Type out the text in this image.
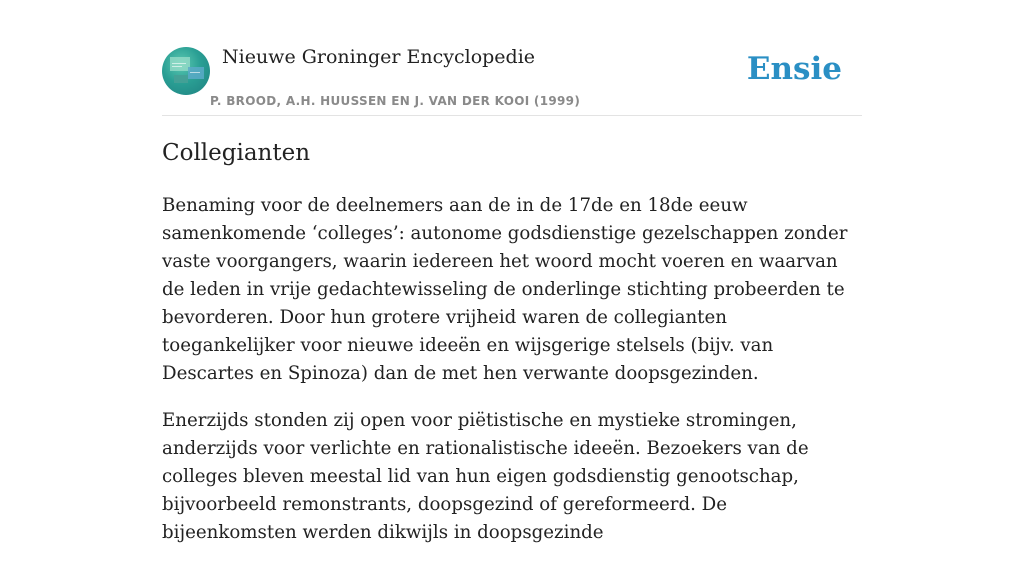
Nieuwe Groninger Encyclopedie
P. BROOD, A.H. HUUSSEN EN J. VAN DER KOOI (1999)
Ensie
Collegianten

Benaming voor de deelnemers aan de in de 17de en 18de eeuw samenkomende ‘colleges’: autonome godsdienstige gezelschappen zonder vaste voorgangers, waarin iedereen het woord mocht voeren en waarvan de leden in vrije gedachtewisseling de onderlinge stichting probeerden te bevorderen. Door hun grotere vrijheid waren de collegianten toegankelijker voor nieuwe ideeën en wijsgerige stelsels (bijv. van Descartes en Spinoza) dan de met hen verwante doopsgezinden.

Enerzijds stonden zij open voor piëtistische en mystieke stromingen, anderzijds voor verlichte en rationalistische ideeën. Bezoekers van de colleges bleven meestal lid van hun eigen godsdienstig genootschap, bijvoorbeeld remonstrants, doopsgezind of gereformeerd. De bijeenkomsten werden dikwijls in doopsgezinde
